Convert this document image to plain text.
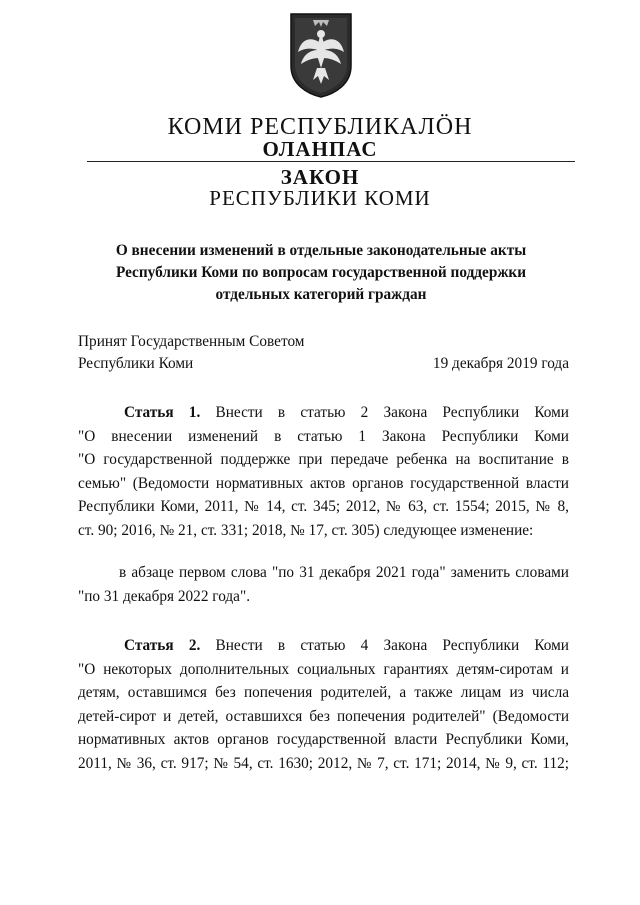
КОМИ РЕСПУБЛИКАЛÖН
ОЛАНПАС
ЗАКОН
РЕСПУБЛИКИ КОМИ
О внесении изменений в отдельные законодательные акты
Республики Коми по вопросам государственной поддержки
отдельных категорий граждан
Принят Государственным Советом
Республики Коми	19 декабря 2019 года
Статья 1. Внести в статью 2 Закона Республики Коми
"О внесении изменений в статью 1 Закона Республики Коми
"О государственной поддержке при передаче ребенка на воспитание в
семью" (Ведомости нормативных актов органов государственной власти
Республики Коми, 2011, № 14, ст. 345; 2012, № 63, ст. 1554; 2015, № 8,
ст. 90; 2016, № 21, ст. 331; 2018, № 17, ст. 305) следующее изменение:
в абзаце первом слова "по 31 декабря 2021 года" заменить словами
"по 31 декабря 2022 года".
Статья 2. Внести в статью 4 Закона Республики Коми
"О некоторых дополнительных социальных гарантиях детям-сиротам и
детям, оставшимся без попечения родителей, а также лицам из числа
детей-сирот и детей, оставшихся без попечения родителей" (Ведомости
нормативных актов органов государственной власти Республики Коми,
2011, № 36, ст. 917; № 54, ст. 1630; 2012, № 7, ст. 171; 2014, № 9, ст. 112;
